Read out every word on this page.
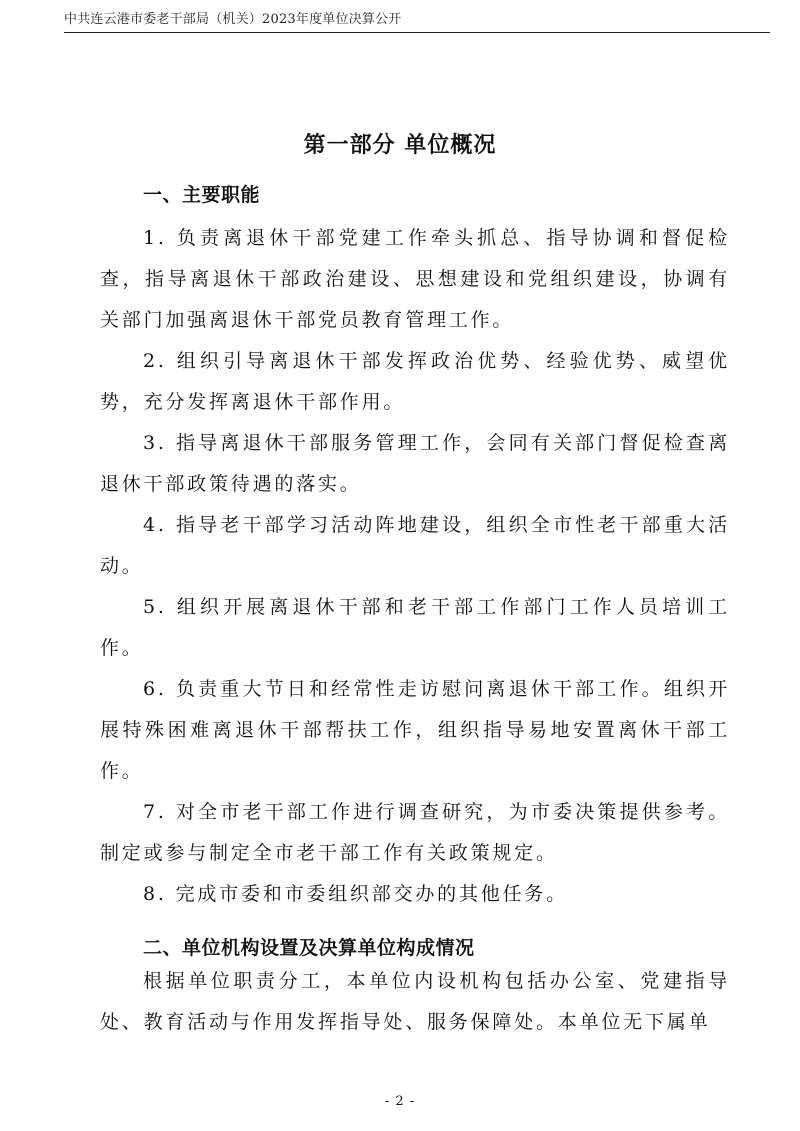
中共连云港市委老干部局（机关）2023年度单位决算公开
第一部分 单位概况
一、主要职能

1. 负责离退休干部党建工作牵头抓总、指导协调和督促检查，指导离退休干部政治建设、思想建设和党组织建设，协调有关部门加强离退休干部党员教育管理工作。

2. 组织引导离退休干部发挥政治优势、经验优势、威望优势，充分发挥离退休干部作用。

3. 指导离退休干部服务管理工作，会同有关部门督促检查离退休干部政策待遇的落实。

4. 指导老干部学习活动阵地建设，组织全市性老干部重大活动。

5. 组织开展离退休干部和老干部工作部门工作人员培训工作。

6. 负责重大节日和经常性走访慰问离退休干部工作。组织开展特殊困难离退休干部帮扶工作，组织指导易地安置离休干部工作。

7. 对全市老干部工作进行调查研究，为市委决策提供参考。制定或参与制定全市老干部工作有关政策规定。

8. 完成市委和市委组织部交办的其他任务。

二、单位机构设置及决算单位构成情况

根据单位职责分工，本单位内设机构包括办公室、党建指导处、教育活动与作用发挥指导处、服务保障处。本单位无下属单

- 2 -
